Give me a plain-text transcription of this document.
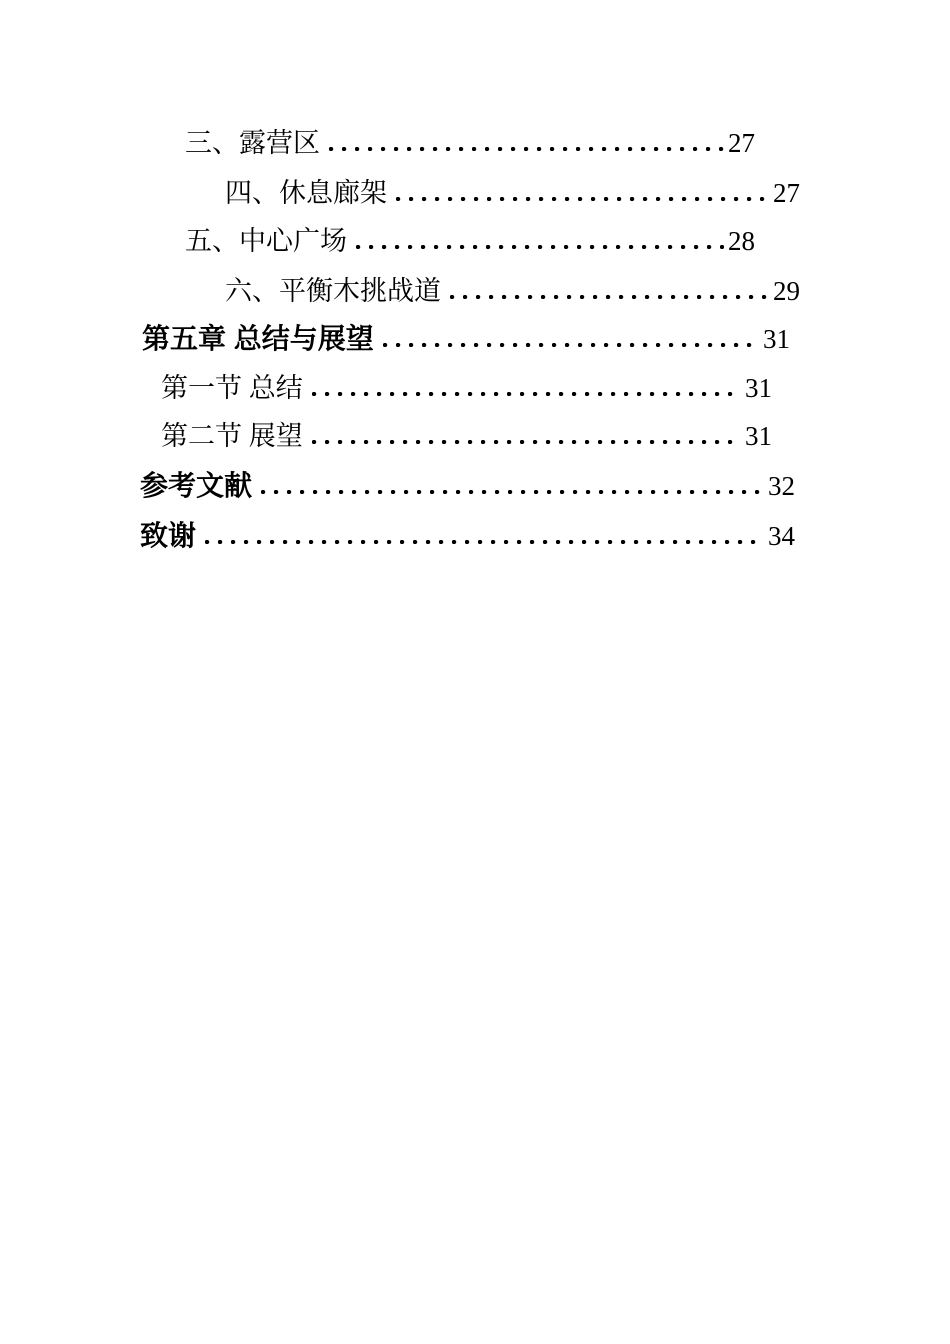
三、露营区	27
四、休息廊架	27
五、中心广场	28
六、平衡木挑战道	29
第五章 总结与展望	31
第一节 总结	31
第二节 展望	31
参考文献	32
致谢	34
